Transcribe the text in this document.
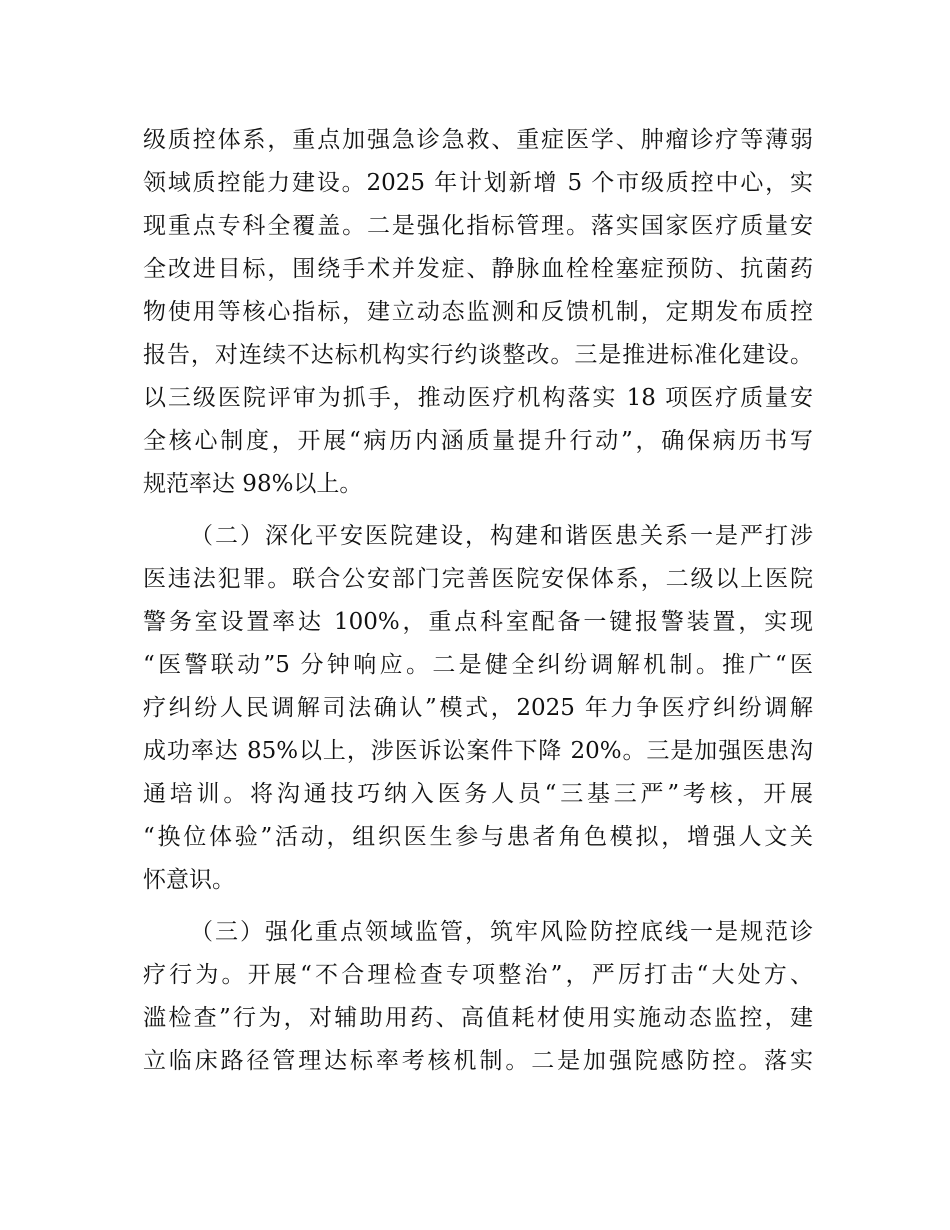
级质控体系，重点加强急诊急救、重症医学、肿瘤诊疗等薄弱
领域质控能力建设。2025 年计划新增 5 个市级质控中心，实
现重点专科全覆盖。二是强化指标管理。落实国家医疗质量安
全改进目标，围绕手术并发症、静脉血栓栓塞症预防、抗菌药
物使用等核心指标，建立动态监测和反馈机制，定期发布质控
报告，对连续不达标机构实行约谈整改。三是推进标准化建设。
以三级医院评审为抓手，推动医疗机构落实 18 项医疗质量安
全核心制度，开展“病历内涵质量提升行动”，确保病历书写
规范率达 98%以上。
（二）深化平安医院建设，构建和谐医患关系一是严打涉
医违法犯罪。联合公安部门完善医院安保体系，二级以上医院
警务室设置率达 100%，重点科室配备一键报警装置，实现
“医警联动”5 分钟响应。二是健全纠纷调解机制。推广“医
疗纠纷人民调解司法确认”模式，2025 年力争医疗纠纷调解
成功率达 85%以上，涉医诉讼案件下降 20%。三是加强医患沟
通培训。将沟通技巧纳入医务人员“三基三严”考核，开展
“换位体验”活动，组织医生参与患者角色模拟，增强人文关
怀意识。
（三）强化重点领域监管，筑牢风险防控底线一是规范诊
疗行为。开展“不合理检查专项整治”，严厉打击“大处方、
滥检查”行为，对辅助用药、高值耗材使用实施动态监控，建
立临床路径管理达标率考核机制。二是加强院感防控。落实
